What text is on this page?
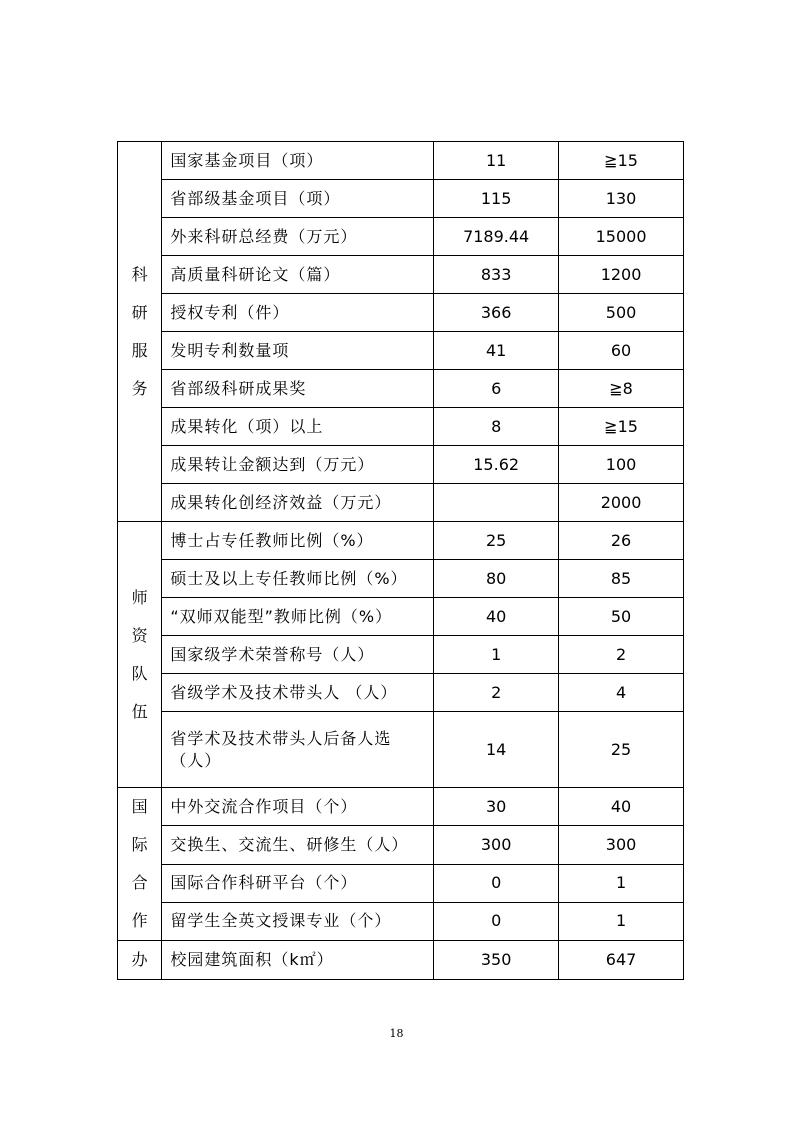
科研服务	国家基金项目（项）	11	≧15
	省部级基金项目（项）	115	130
	外来科研总经费（万元）	7189.44	15000
	高质量科研论文（篇）	833	1200
	授权专利（件）	366	500
	发明专利数量项	41	60
	省部级科研成果奖	6	≧8
	成果转化（项）以上	8	≧15
	成果转让金额达到（万元）	15.62	100
	成果转化创经济效益（万元）		2000
师资队伍	博士占专任教师比例（%）	25	26
	硕士及以上专任教师比例（%）	80	85
	“双师双能型”教师比例（%）	40	50
	国家级学术荣誉称号（人）	1	2
	省级学术及技术带头人 （人）	2	4
	省学术及技术带头人后备人选（人）	14	25
国际合作	中外交流合作项目（个）	30	40
	交换生、交流生、研修生（人）	300	300
	国际合作科研平台（个）	0	1
	留学生全英文授课专业（个）	0	1
办	校园建筑面积（k㎡）	350	647
18
